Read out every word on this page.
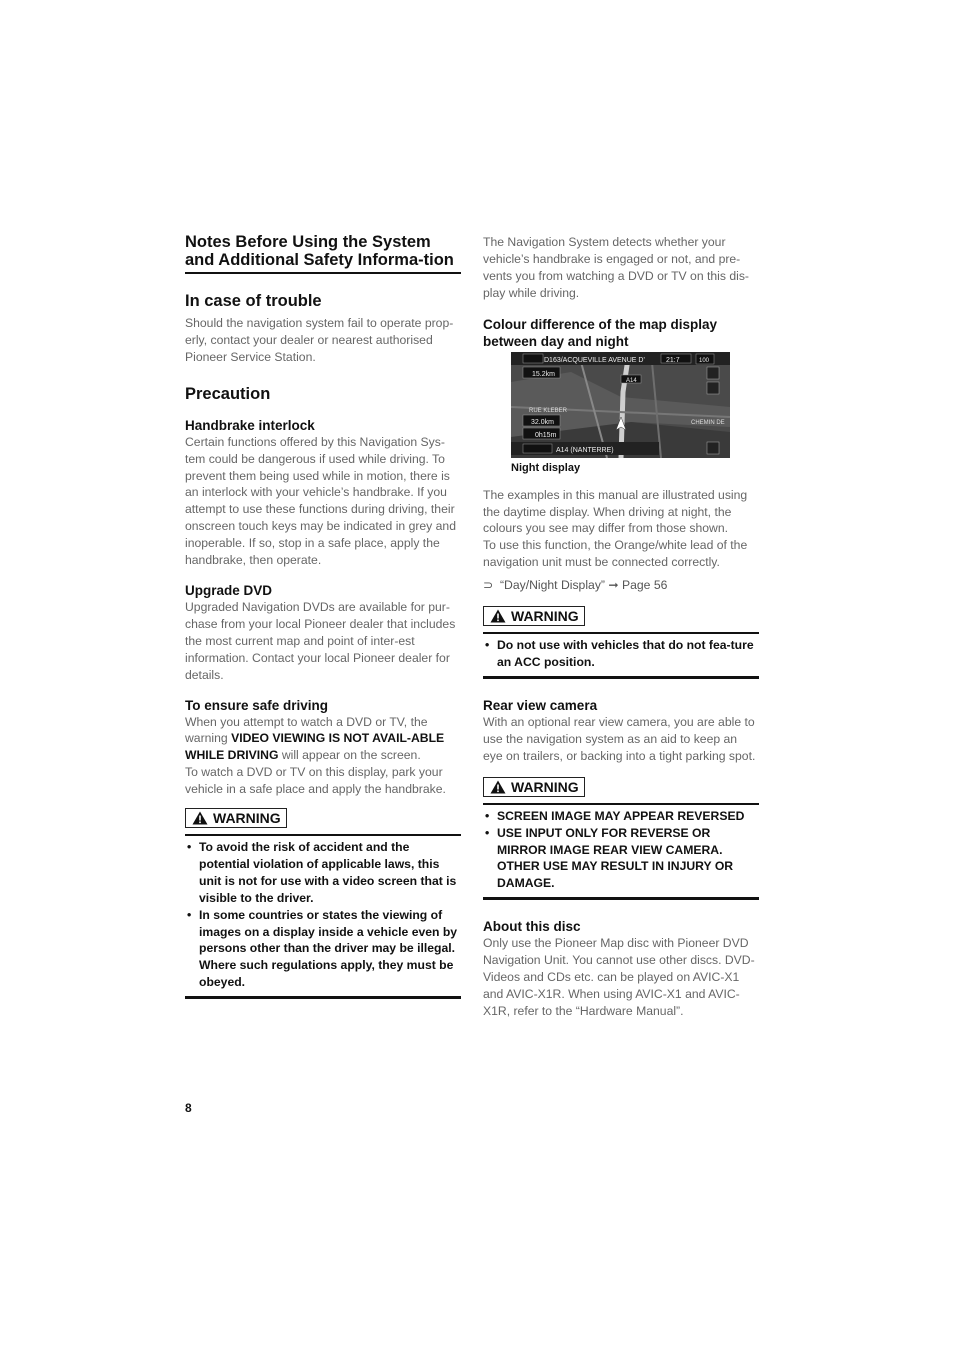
Notes Before Using the System and Additional Safety Informa-tion
In case of trouble

Should the navigation system fail to operate prop-erly, contact your dealer or nearest authorised Pioneer Service Station.

Precaution
Handbrake interlock

Certain functions offered by this Navigation Sys-tem could be dangerous if used while driving. To prevent them being used while in motion, there is an interlock with your vehicle’s handbrake. If you attempt to use these functions during driving, their onscreen touch keys may be indicated in grey and inoperable. If so, stop in a safe place, apply the handbrake, then operate.

Upgrade DVD

Upgraded Navigation DVDs are available for pur-chase from your local Pioneer dealer that includes the most current map and point of inter-est information. Contact your local Pioneer dealer for details.

To ensure safe driving

When you attempt to watch a DVD or TV, the warning VIDEO VIEWING IS NOT AVAIL-ABLE WHILE DRIVING will appear on the screen.

To watch a DVD or TV on this display, park your vehicle in a safe place and apply the handbrake.

WARNING
• To avoid the risk of accident and the potential violation of applicable laws, this unit is not for use with a video screen that is visible to the driver.
• In some countries or states the viewing of images on a display inside a vehicle even by persons other than the driver may be illegal. Where such regulations apply, they must be obeyed.

The Navigation System detects whether your vehicle’s handbrake is engaged or not, and pre-vents you from watching a DVD or TV on this dis-play while driving.

Colour difference of the map display between day and night
D163/ACQUEVILLE AVENUE D'	21:7	100
15.2km
A14
RUE KLEBER
CHEMIN DE
32.0km
0h15m
A14 (NANTERRE)
Night display

The examples in this manual are illustrated using the daytime display. When driving at night, the colours you see may differ from those shown.

To use this function, the Orange/white lead of the navigation unit must be connected correctly.

⊃ “Day/Night Display” ➞ Page 56

WARNING
• Do not use with vehicles that do not fea-ture an ACC position.
Rear view camera

With an optional rear view camera, you are able to use the navigation system as an aid to keep an eye on trailers, or backing into a tight parking spot.

WARNING
• SCREEN IMAGE MAY APPEAR REVERSED
• USE INPUT ONLY FOR REVERSE OR MIRROR IMAGE REAR VIEW CAMERA. OTHER USE MAY RESULT IN INJURY OR DAMAGE.
About this disc

Only use the Pioneer Map disc with Pioneer DVD Navigation Unit. You cannot use other discs. DVD-Videos and CDs etc. can be played on AVIC-X1 and AVIC-X1R. When using AVIC-X1 and AVIC-X1R, refer to the “Hardware Manual”.

8
